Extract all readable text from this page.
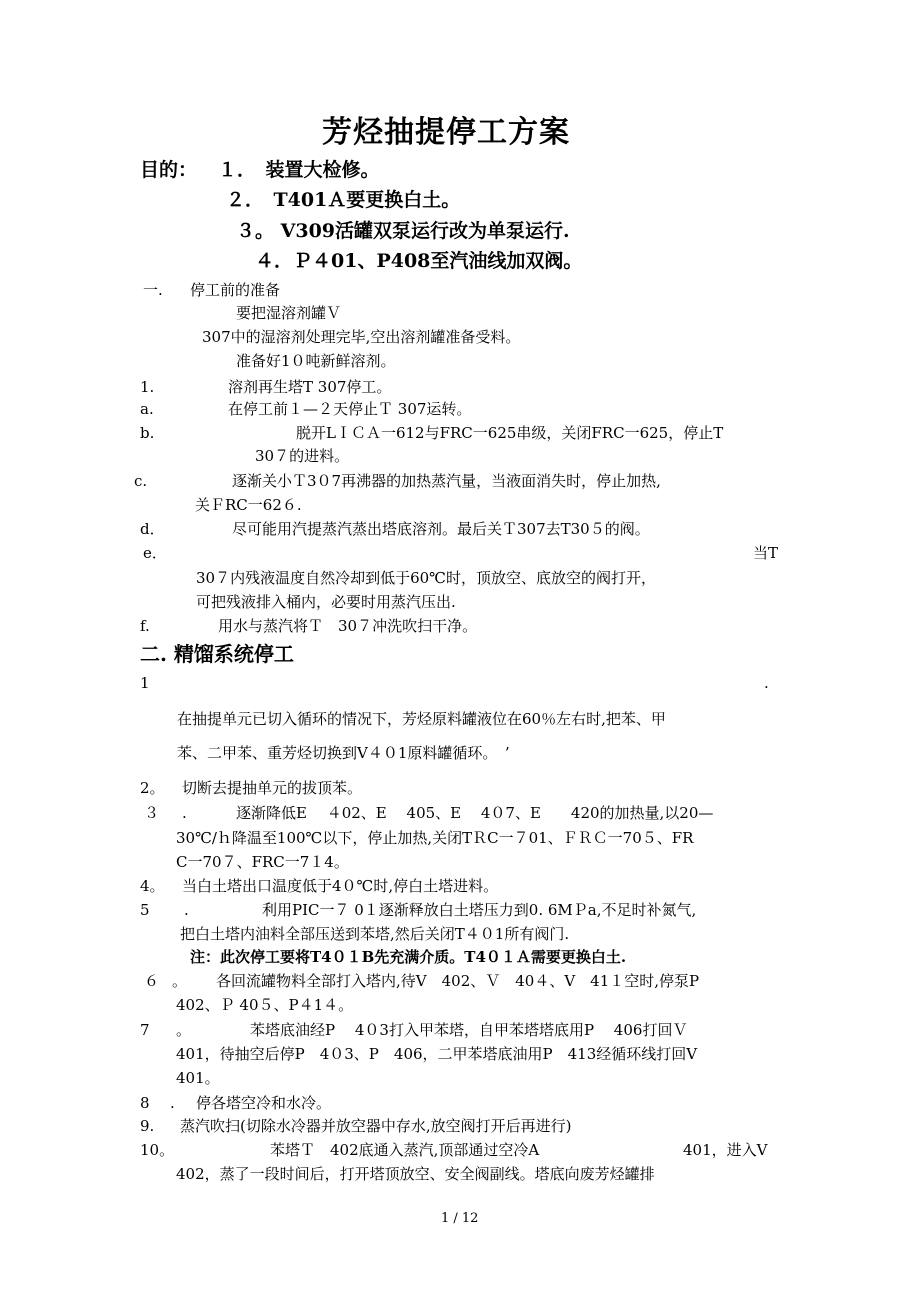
芳烃抽提停工方案
目的： １．　装置大检修。
２．　T401Ａ要更换白土。
３。 V309活罐双泵运行改为单泵运行.
４．Ｐ４01、P408至汽油线加双阀。
一. 停工前的准备
要把湿溶剂罐Ｖ
307中的湿溶剂处理完毕,空出溶剂罐准备受料。
准备好1０吨新鲜溶剂。
1.	溶剂再生塔T 307停工。
a.	在停工前１—２天停止Ｔ 307运转。
b.	脱开LＩＣＡ一612与FRC一625串级，关闭FRC一625，停止T
30７的进料。
c.	逐渐关小Ｔ3０7再沸器的加热蒸汽量，当液面消失时，停止加热,
关ＦRC一62６.
d．	尽可能用汽提蒸汽蒸出塔底溶剂。最后关Ｔ307去T30５的阀。
e．	当T
30７内残液温度自然冷却到低于60℃时，顶放空、底放空的阀打开，
可把残液排入桶内，必要时用蒸汽压出.
f.	用水与蒸汽将Ｔ　30７冲洗吹扫干净。
二. 精馏系统停工
1	.
在抽提单元已切入循环的情况下，芳烃原料罐液位在60％左右时,把苯、甲
苯、二甲苯、重芳烃切换到V４０1原料罐循环。　’
2。 切断去提抽单元的拔顶苯。
３ .	逐渐降低E　 ４02、E　 405、E　 4０7、E　　420的加热量,以20—
30℃/ｈ降温至100℃以下，停止加热,关闭TＲC一７01、ＦＲＣ一70５、FR
C一70７、FRC一7１4。
4。 当白土塔出口温度低于4０℃时,停白土塔进料。
5 .	利用PIC一７ 0１逐渐释放白土塔压力到0. 6MＰa,不足时补氮气,
把白土塔内油料全部压送到苯塔,然后关闭T４０1所有阀门.
注：此次停工要将T4０１B先充满介质。T4０１Ａ需要更换白土.
６ 。 各回流罐物料全部打入塔内,待V　402、Ｖ　40４、V　41１空时,停泵P
402、Ｐ 40５、P４1４。
7 。	苯塔底油经P　 4０3打入甲苯塔，自甲苯塔塔底用P　 406打回Ｖ
401，待抽空后停P　4０3、P　406，二甲苯塔底油用P　413经循环线打回V
401。
8 . 停各塔空冷和水冷。
9. 蒸汽吹扫(切除水冷器并放空器中存水,放空阀打开后再进行)
10。	苯塔Ｔ　402底通入蒸汽,顶部通过空冷A	401，进入V
402，蒸了一段时间后，打开塔顶放空、安全阀副线。塔底向废芳烃罐排
1 / 12
